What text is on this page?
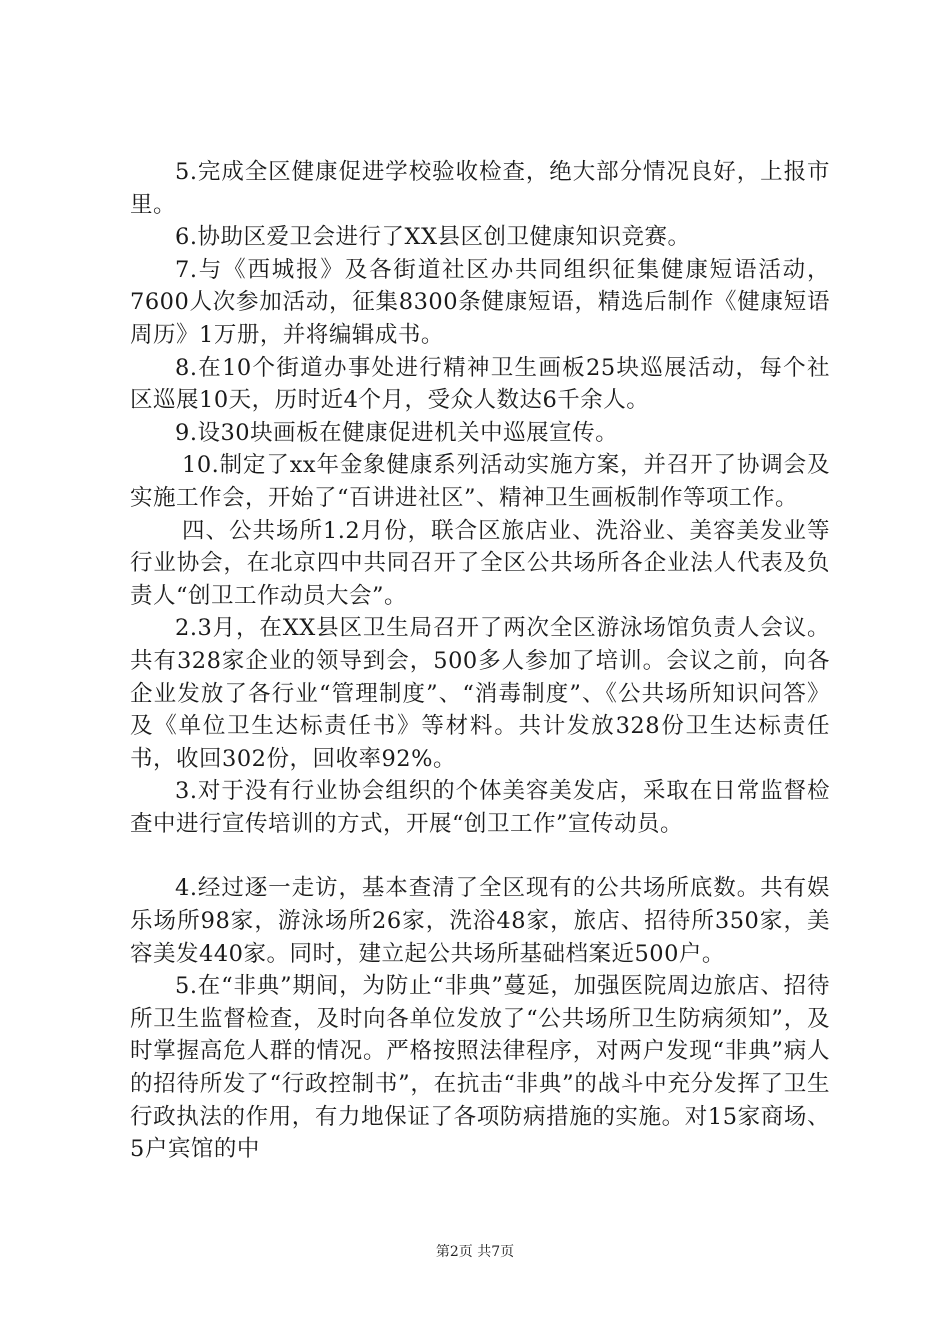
5.完成全区健康促进学校验收检查，绝大部分情况良好，上报市里。

6.协助区爱卫会进行了XX县区创卫健康知识竞赛。

7.与《西城报》及各街道社区办共同组织征集健康短语活动，7600人次参加活动，征集8300条健康短语，精选后制作《健康短语周历》1万册，并将编辑成书。

8.在10个街道办事处进行精神卫生画板25块巡展活动，每个社区巡展10天，历时近4个月，受众人数达6千余人。

9.设30块画板在健康促进机关中巡展宣传。

10.制定了xx年金象健康系列活动实施方案，并召开了协调会及实施工作会，开始了“百讲进社区”、精神卫生画板制作等项工作。

四、公共场所1.2月份，联合区旅店业、洗浴业、美容美发业等行业协会，在北京四中共同召开了全区公共场所各企业法人代表及负责人“创卫工作动员大会”。

2.3月，在XX县区卫生局召开了两次全区游泳场馆负责人会议。共有328家企业的领导到会，500多人参加了培训。会议之前，向各企业发放了各行业“管理制度”、“消毒制度”、《公共场所知识问答》及《单位卫生达标责任书》等材料。共计发放328份卫生达标责任书，收回302份，回收率92%。

3.对于没有行业协会组织的个体美容美发店，采取在日常监督检查中进行宣传培训的方式，开展“创卫工作”宣传动员。

4.经过逐一走访，基本查清了全区现有的公共场所底数。共有娱乐场所98家，游泳场所26家，洗浴48家，旅店、招待所350家，美容美发440家。同时，建立起公共场所基础档案近500户。

5.在“非典”期间，为防止“非典”蔓延，加强医院周边旅店、招待所卫生监督检查，及时向各单位发放了“公共场所卫生防病须知”，及时掌握高危人群的情况。严格按照法律程序，对两户发现“非典”病人的招待所发了“行政控制书”，在抗击“非典”的战斗中充分发挥了卫生行政执法的作用，有力地保证了各项防病措施的实施。对15家商场、5户宾馆的中

第2页 共7页
